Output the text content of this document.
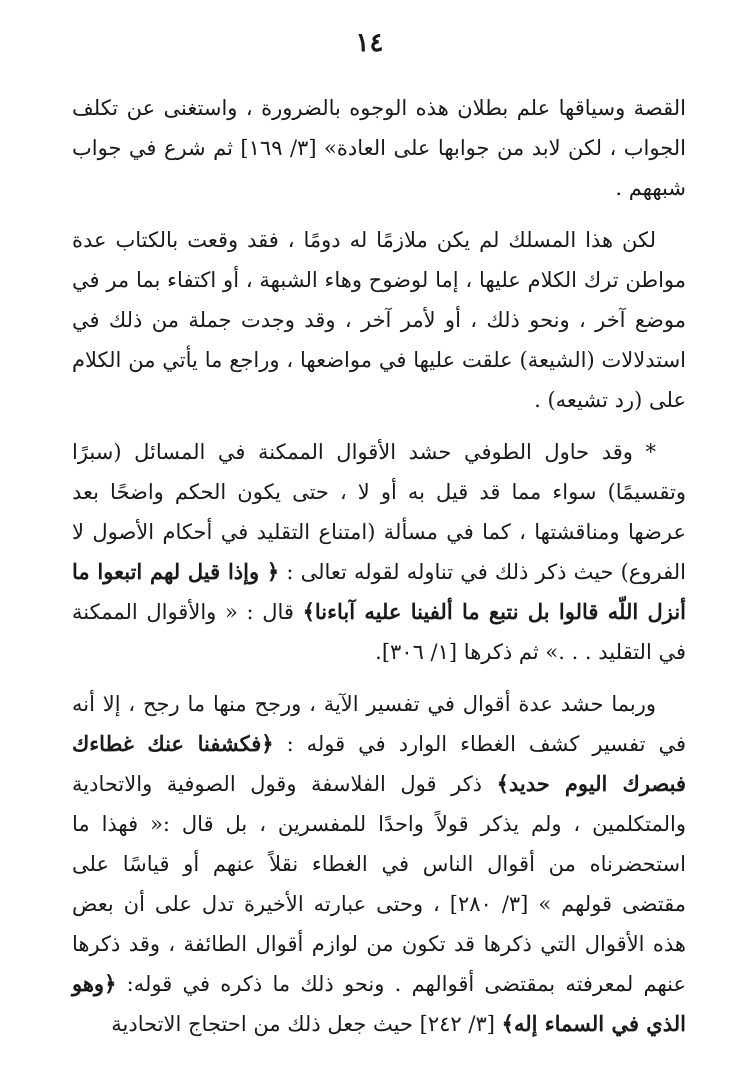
١٤

القصة وسياقها علم بطلان هذه الوجوه بالضرورة ، واستغنى عن تكلف الجواب ، لكن لابد من جوابها على العادة» [٣/ ١٦٩] ثم شرع في جواب شبههم .

لكن هذا المسلك لم يكن ملازمًا له دومًا ، فقد وقعت بالكتاب عدة مواطن ترك الكلام عليها ، إما لوضوح وهاء الشبهة ، أو اكتفاء بما مر في موضع آخر ، ونحو ذلك ، أو لأمر آخر ، وقد وجدت جملة من ذلك في استدلالات (الشيعة) علقت عليها في مواضعها ، وراجع ما يأتي من الكلام على (رد تشيعه) .

* وقد حاول الطوفي حشد الأقوال الممكنة في المسائل (سبرًا وتقسيمًا) سواء مما قد قيل به أو لا ، حتى يكون الحكم واضحًا بعد عرضها ومناقشتها ، كما في مسألة (امتناع التقليد في أحكام الأصول لا الفروع) حيث ذكر ذلك في تناوله لقوله تعالى : ﴿ وإذا قيل لهم اتبعوا ما أنزل اللّه قالوا بل نتبع ما ألفينا عليه آباءنا﴾ قال : « والأقوال الممكنة في التقليد . . .» ثم ذكرها [١/ ٣٠٦].

وربما حشد عدة أقوال في تفسير الآية ، ورجح منها ما رجح ، إلا أنه في تفسير كشف الغطاء الوارد في قوله : ﴿فكشفنا عنك غطاءك فبصرك اليوم حديد﴾ ذكر قول الفلاسفة وقول الصوفية والاتحادية والمتكلمين ، ولم يذكر قولاً واحدًا للمفسرين ، بل قال :« فهذا ما استحضرناه من أقوال الناس في الغطاء نقلاً عنهم أو قياسًا على مقتضى قولهم » [٣/ ٢٨٠] ، وحتى عبارته الأخيرة تدل على أن بعض هذه الأقوال التي ذكرها قد تكون من لوازم أقوال الطائفة ، وقد ذكرها عنهم لمعرفته بمقتضى أقوالهم . ونحو ذلك ما ذكره في قوله: ﴿وهو الذي في السماء إله﴾ [٣/ ٢٤٢] حيث جعل ذلك من احتجاج الاتحادية
